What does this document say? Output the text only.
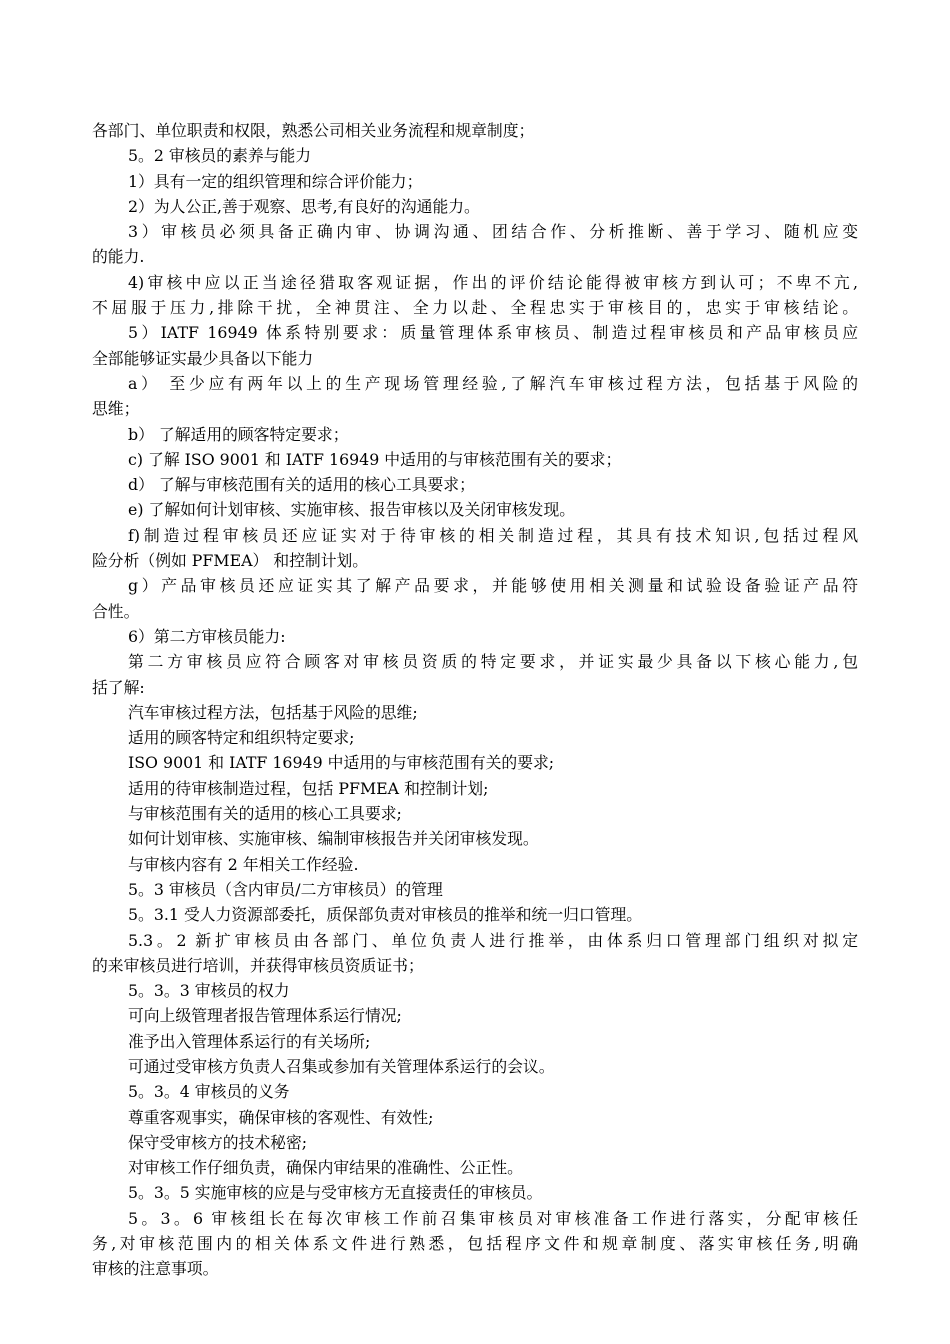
各部门、单位职责和权限，熟悉公司相关业务流程和规章制度；
5。2 审核员的素养与能力
1）具有一定的组织管理和综合评价能力；
2）为人公正,善于观察、思考,有良好的沟通能力。
3）审核员必须具备正确内审、协调沟通、团结合作、分析推断、善于学习、随机应变
的能力.
4)审核中应以正当途径猎取客观证据，作出的评价结论能得被审核方到认可；不卑不亢,
不屈服于压力,排除干扰，全神贯注、全力以赴、全程忠实于审核目的，忠实于审核结论。
5）IATF 16949 体系特别要求：质量管理体系审核员、制造过程审核员和产品审核员应
全部能够证实最少具备以下能力
a） 至少应有两年以上的生产现场管理经验,了解汽车审核过程方法，包括基于风险的
思维；
b） 了解适用的顾客特定要求；
c) 了解 ISO 9001 和 IATF 16949 中适用的与审核范围有关的要求；
d） 了解与审核范围有关的适用的核心工具要求；
e) 了解如何计划审核、实施审核、报告审核以及关闭审核发现。
f)制造过程审核员还应证实对于待审核的相关制造过程，其具有技术知识,包括过程风
险分析（例如 PFMEA） 和控制计划。
g）产品审核员还应证实其了解产品要求，并能够使用相关测量和试验设备验证产品符
合性。
6）第二方审核员能力:
第二方审核员应符合顾客对审核员资质的特定要求，并证实最少具备以下核心能力,包
括了解:
汽车审核过程方法，包括基于风险的思维;
适用的顾客特定和组织特定要求;
ISO 9001 和 IATF 16949 中适用的与审核范围有关的要求;
适用的待审核制造过程，包括 PFMEA 和控制计划;
与审核范围有关的适用的核心工具要求;
如何计划审核、实施审核、编制审核报告并关闭审核发现。
与审核内容有 2 年相关工作经验.
5。3 审核员（含内审员/二方审核员）的管理
5。3.1 受人力资源部委托，质保部负责对审核员的推举和统一归口管理。
5.3。2 新扩审核员由各部门、单位负责人进行推举，由体系归口管理部门组织对拟定
的来审核员进行培训，并获得审核员资质证书；
5。3。3 审核员的权力
可向上级管理者报告管理体系运行情况;
准予出入管理体系运行的有关场所;
可通过受审核方负责人召集或参加有关管理体系运行的会议。
5。3。4 审核员的义务
尊重客观事实，确保审核的客观性、有效性;
保守受审核方的技术秘密;
对审核工作仔细负责，确保内审结果的准确性、公正性。
5。3。5 实施审核的应是与受审核方无直接责任的审核员。
5。3。6 审核组长在每次审核工作前召集审核员对审核准备工作进行落实，分配审核任
务,对审核范围内的相关体系文件进行熟悉，包括程序文件和规章制度、落实审核任务,明确
审核的注意事项。
